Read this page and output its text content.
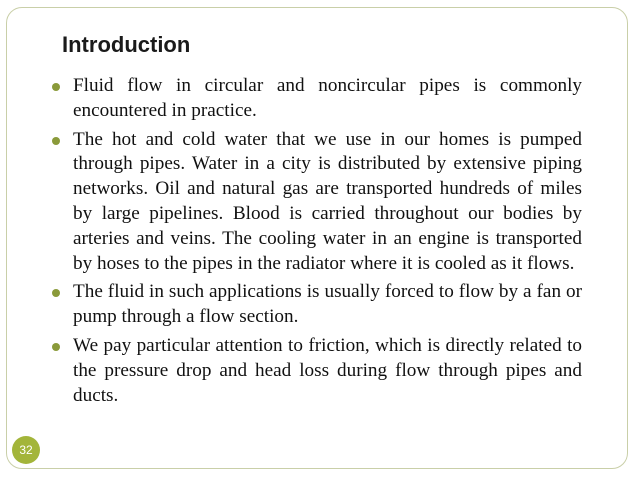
Introduction
Fluid flow in circular and noncircular pipes is commonly encountered in practice.
The hot and cold water that we use in our homes is pumped through pipes. Water in a city is distributed by extensive piping networks. Oil and natural gas are transported hundreds of miles by large pipelines. Blood is carried throughout our bodies by arteries and veins. The cooling water in an engine is transported by hoses to the pipes in the radiator where it is cooled as it flows.
The fluid in such applications is usually forced to flow by a fan or pump through a flow section.
We pay particular attention to friction, which is directly related to the pressure drop and head loss during flow through pipes and ducts.
32
